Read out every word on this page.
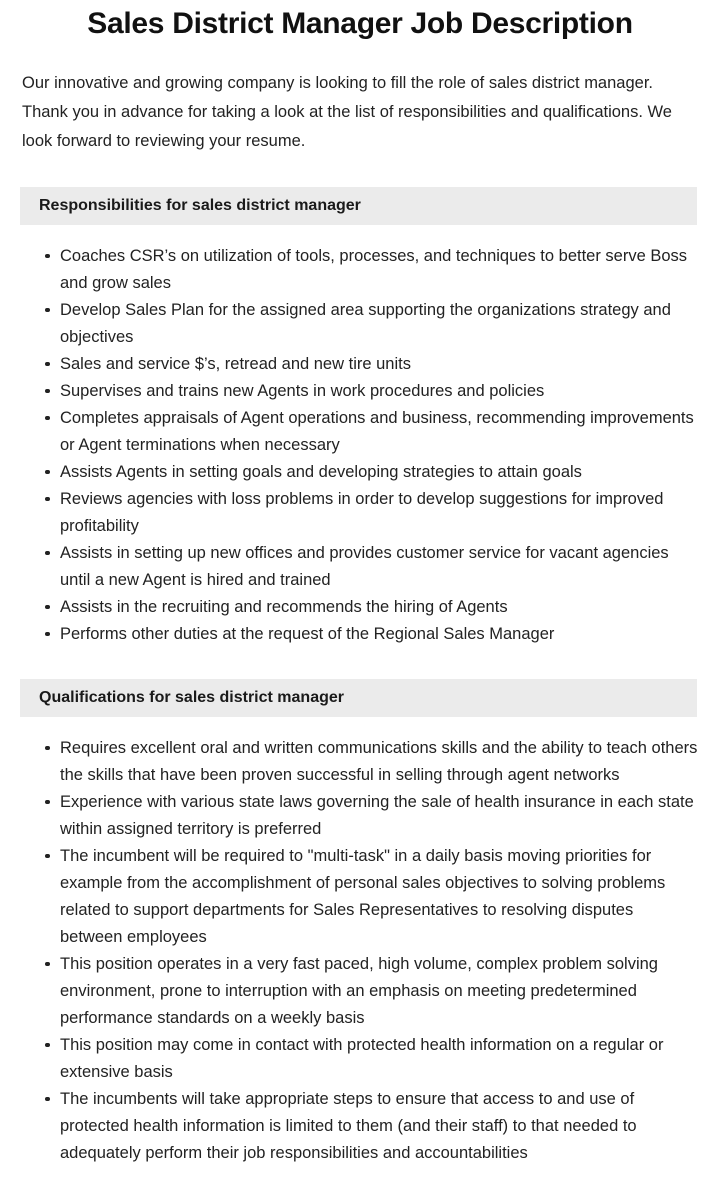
Sales District Manager Job Description

Our innovative and growing company is looking to fill the role of sales district manager. Thank you in advance for taking a look at the list of responsibilities and qualifications. We look forward to reviewing your resume.

Responsibilities for sales district manager
Coaches CSR’s on utilization of tools, processes, and techniques to better serve Boss and grow sales
Develop Sales Plan for the assigned area supporting the organizations strategy and objectives
Sales and service $’s, retread and new tire units
Supervises and trains new Agents in work procedures and policies
Completes appraisals of Agent operations and business, recommending improvements or Agent terminations when necessary
Assists Agents in setting goals and developing strategies to attain goals
Reviews agencies with loss problems in order to develop suggestions for improved profitability
Assists in setting up new offices and provides customer service for vacant agencies until a new Agent is hired and trained
Assists in the recruiting and recommends the hiring of Agents
Performs other duties at the request of the Regional Sales Manager
Qualifications for sales district manager
Requires excellent oral and written communications skills and the ability to teach others the skills that have been proven successful in selling through agent networks
Experience with various state laws governing the sale of health insurance in each state within assigned territory is preferred
The incumbent will be required to "multi-task" in a daily basis moving priorities for example from the accomplishment of personal sales objectives to solving problems related to support departments for Sales Representatives to resolving disputes between employees
This position operates in a very fast paced, high volume, complex problem solving environment, prone to interruption with an emphasis on meeting predetermined performance standards on a weekly basis
This position may come in contact with protected health information on a regular or extensive basis
The incumbents will take appropriate steps to ensure that access to and use of protected health information is limited to them (and their staff) to that needed to adequately perform their job responsibilities and accountabilities
